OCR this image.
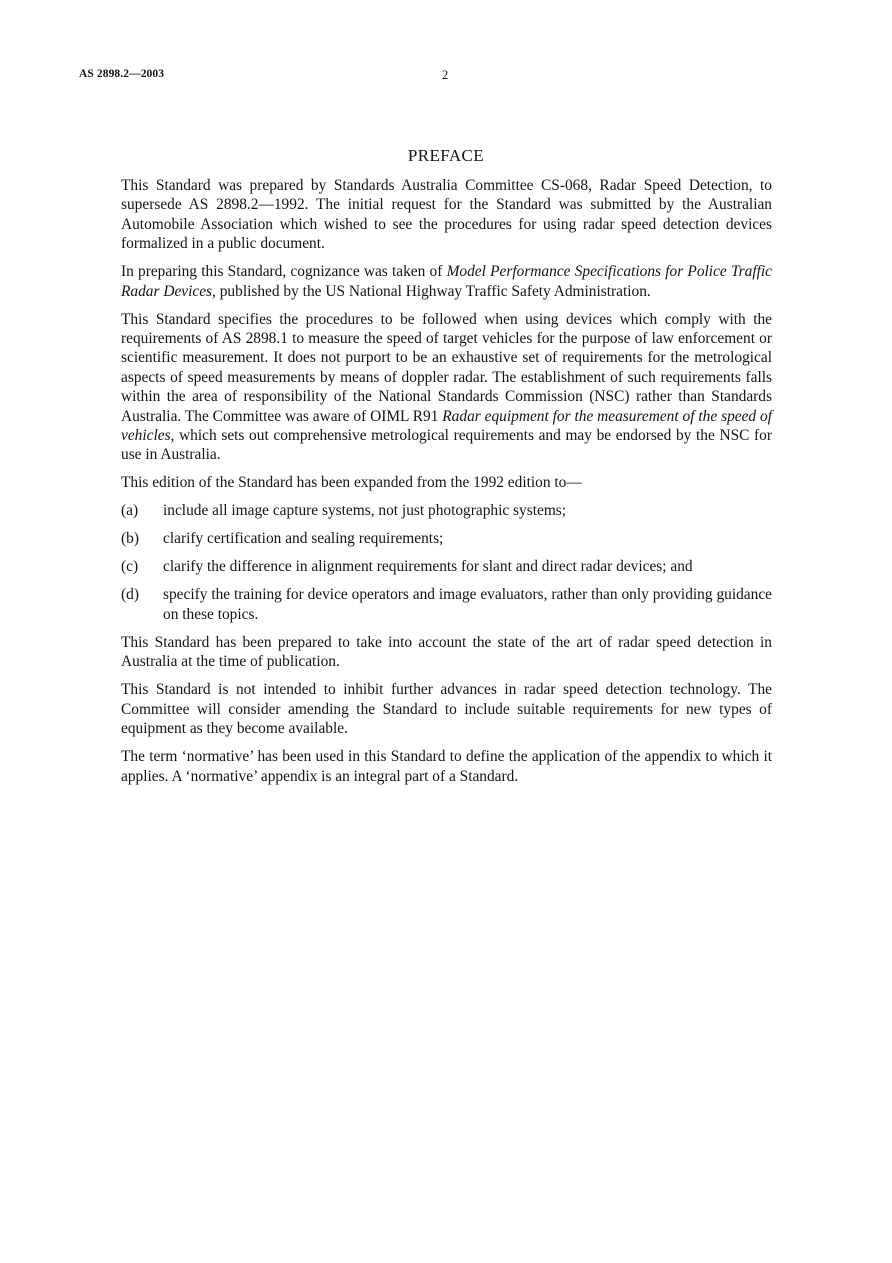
AS 2898.2—2003	2
PREFACE

This Standard was prepared by Standards Australia Committee CS-068, Radar Speed Detection, to supersede AS 2898.2—1992. The initial request for the Standard was submitted by the Australian Automobile Association which wished to see the procedures for using radar speed detection devices formalized in a public document.

In preparing this Standard, cognizance was taken of Model Performance Specifications for Police Traffic Radar Devices, published by the US National Highway Traffic Safety Administration.

This Standard specifies the procedures to be followed when using devices which comply with the requirements of AS 2898.1 to measure the speed of target vehicles for the purpose of law enforcement or scientific measurement. It does not purport to be an exhaustive set of requirements for the metrological aspects of speed measurements by means of doppler radar. The establishment of such requirements falls within the area of responsibility of the National Standards Commission (NSC) rather than Standards Australia. The Committee was aware of OIML R91 Radar equipment for the measurement of the speed of vehicles, which sets out comprehensive metrological requirements and may be endorsed by the NSC for use in Australia.

This edition of the Standard has been expanded from the 1992 edition to—

(a)	include all image capture systems, not just photographic systems;
(b)	clarify certification and sealing requirements;
(c)	clarify the difference in alignment requirements for slant and direct radar devices; and
(d)	specify the training for device operators and image evaluators, rather than only providing guidance on these topics.

This Standard has been prepared to take into account the state of the art of radar speed detection in Australia at the time of publication.

This Standard is not intended to inhibit further advances in radar speed detection technology. The Committee will consider amending the Standard to include suitable requirements for new types of equipment as they become available.

The term ‘normative’ has been used in this Standard to define the application of the appendix to which it applies. A ‘normative’ appendix is an integral part of a Standard.
